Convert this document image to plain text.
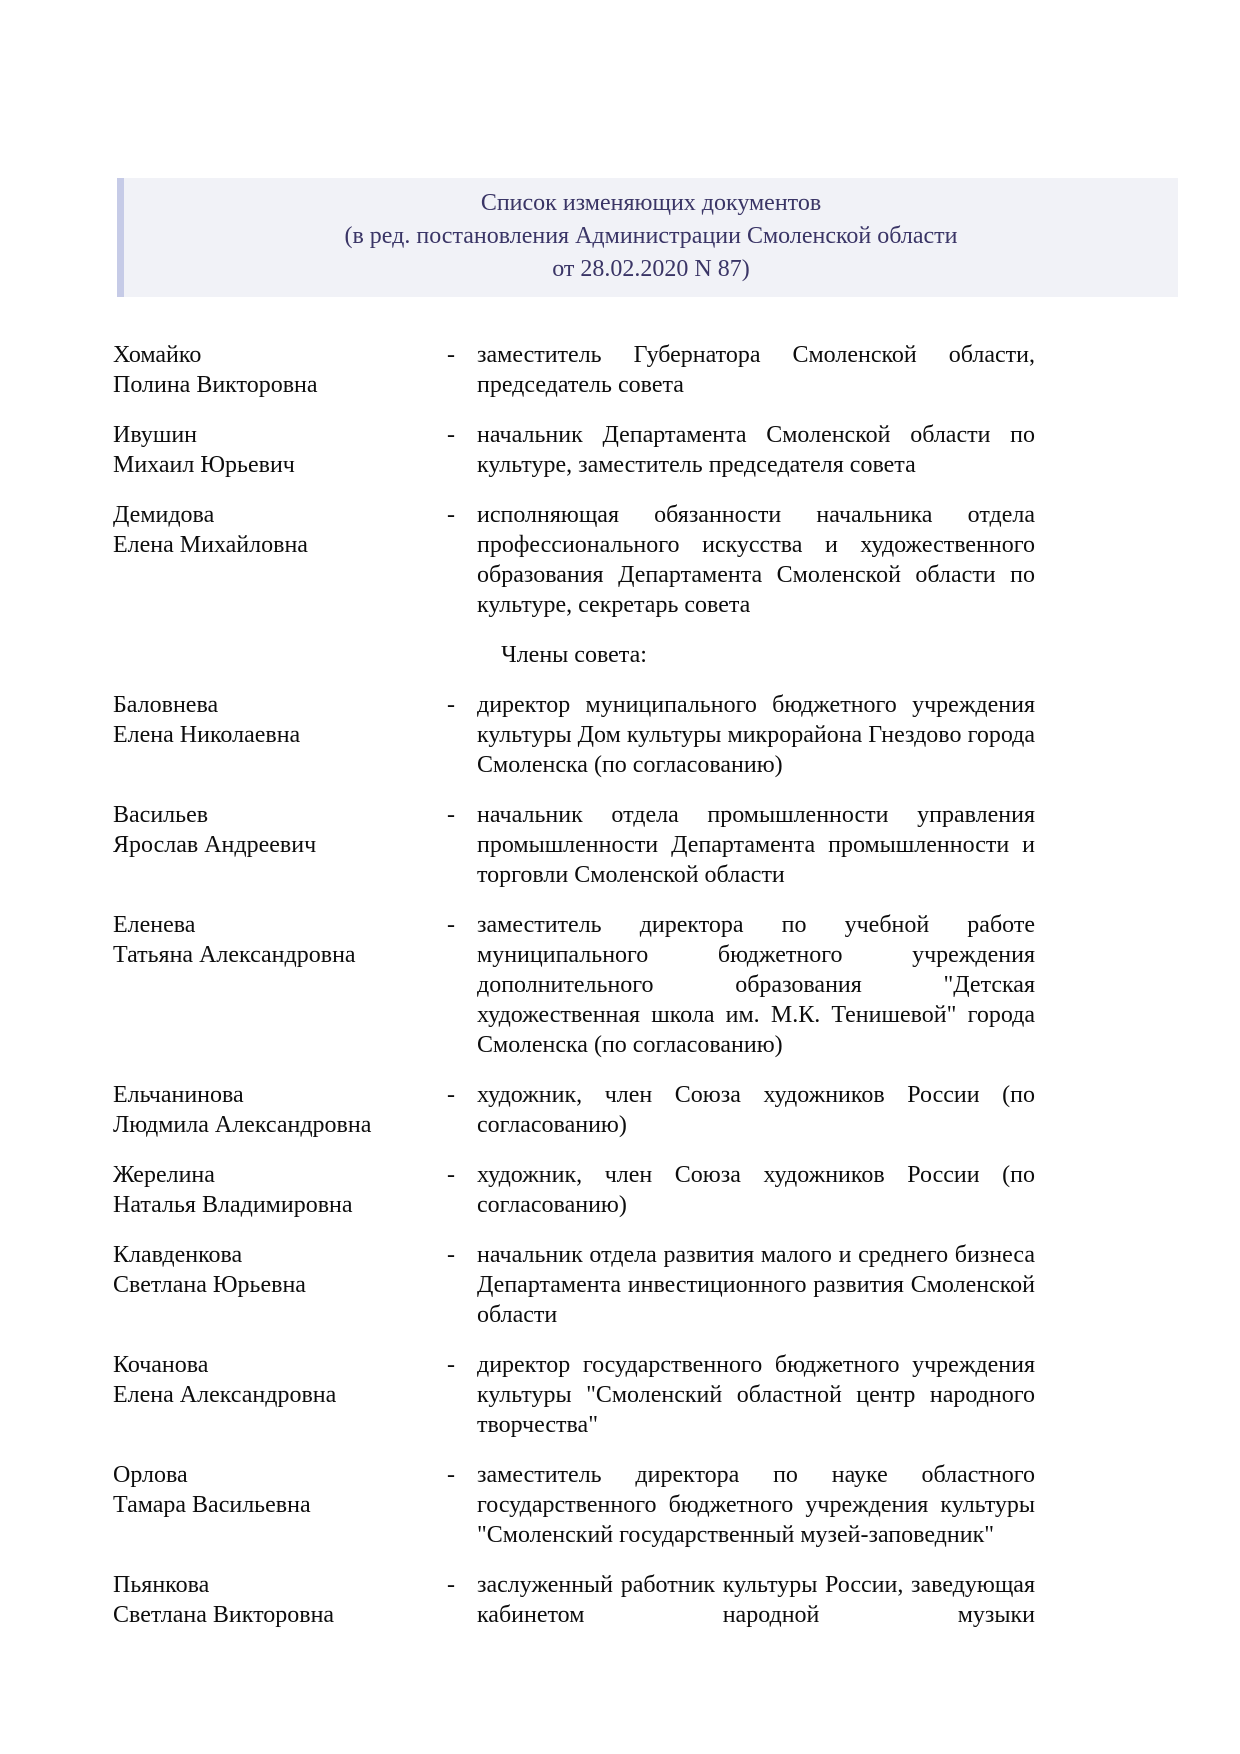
Список изменяющих документов
(в ред. постановления Администрации Смоленской области
от 28.02.2020 N 87)
Хомайко
Полина Викторовна
- заместитель Губернатора Смоленской области, председатель совета
Ивушин
Михаил Юрьевич
- начальник Департамента Смоленской области по культуре, заместитель председателя совета
Демидова
Елена Михайловна
- исполняющая обязанности начальника отдела профессионального искусства и художественного образования Департамента Смоленской области по культуре, секретарь совета
Члены совета:
Баловнева
Елена Николаевна
- директор муниципального бюджетного учреждения культуры Дом культуры микрорайона Гнездово города Смоленска (по согласованию)
Васильев
Ярослав Андреевич
- начальник отдела промышленности управления промышленности Департамента промышленности и торговли Смоленской области
Еленева
Татьяна Александровна
- заместитель директора по учебной работе муниципального бюджетного учреждения дополнительного образования "Детская художественная школа им. М.К. Тенишевой" города Смоленска (по согласованию)
Ельчанинова
Людмила Александровна
- художник, член Союза художников России (по согласованию)
Жерелина
Наталья Владимировна
- художник, член Союза художников России (по согласованию)
Клавденкова
Светлана Юрьевна
- начальник отдела развития малого и среднего бизнеса Департамента инвестиционного развития Смоленской области
Кочанова
Елена Александровна
- директор государственного бюджетного учреждения культуры "Смоленский областной центр народного творчества"
Орлова
Тамара Васильевна
- заместитель директора по науке областного государственного бюджетного учреждения культуры "Смоленский государственный музей-заповедник"
Пьянкова
Светлана Викторовна
- заслуженный работник культуры России, заведующая кабинетом народной музыки
